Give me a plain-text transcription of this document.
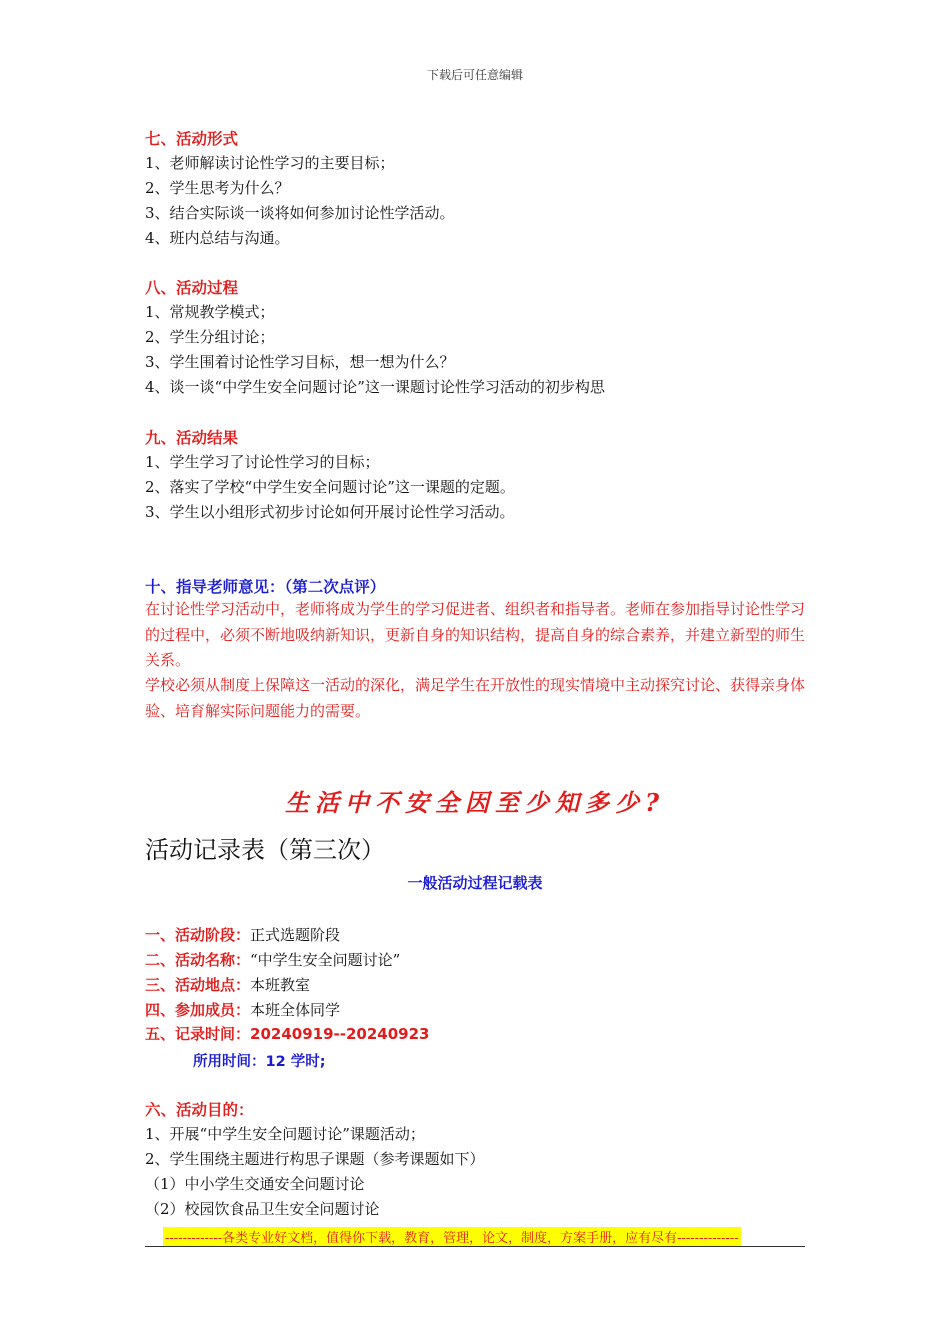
下载后可任意编辑
七、活动形式
1、老师解读讨论性学习的主要目标；
2、学生思考为什么？
3、结合实际谈一谈将如何参加讨论性学活动。
4、班内总结与沟通。
八、活动过程
1、常规教学模式；
2、学生分组讨论；
3、学生围着讨论性学习目标，想一想为什么？
4、谈一谈“中学生安全问题讨论”这一课题讨论性学习活动的初步构思
九、活动结果
1、学生学习了讨论性学习的目标；
2、落实了学校“中学生安全问题讨论”这一课题的定题。
3、学生以小组形式初步讨论如何开展讨论性学习活动。
十、指导老师意见：（第二次点评）
在讨论性学习活动中，老师将成为学生的学习促进者、组织者和指导者。老师在参加指导讨论性学习的过程中，必须不断地吸纳新知识，更新自身的知识结构，提高自身的综合素养，并建立新型的师生关系。
学校必须从制度上保障这一活动的深化，满足学生在开放性的现实情境中主动探究讨论、获得亲身体验、培育解实际问题能力的需要。
生活中不安全因至少知多少?
活动记录表（第三次）
一般活动过程记载表
一、活动阶段：正式选题阶段
二、活动名称：“中学生安全问题讨论”
三、活动地点：本班教室
四、参加成员：本班全体同学
五、记录时间：20240919--20240923
所用时间：12 学时;
六、活动目的：
1、开展“中学生安全问题讨论”课题活动；
2、学生围绕主题进行构思子课题（参考课题如下）
（1）中小学生交通安全问题讨论
（2）校园饮食品卫生安全问题讨论
-------------各类专业好文档，值得你下载，教育，管理，论文，制度，方案手册，应有尽有--------------
